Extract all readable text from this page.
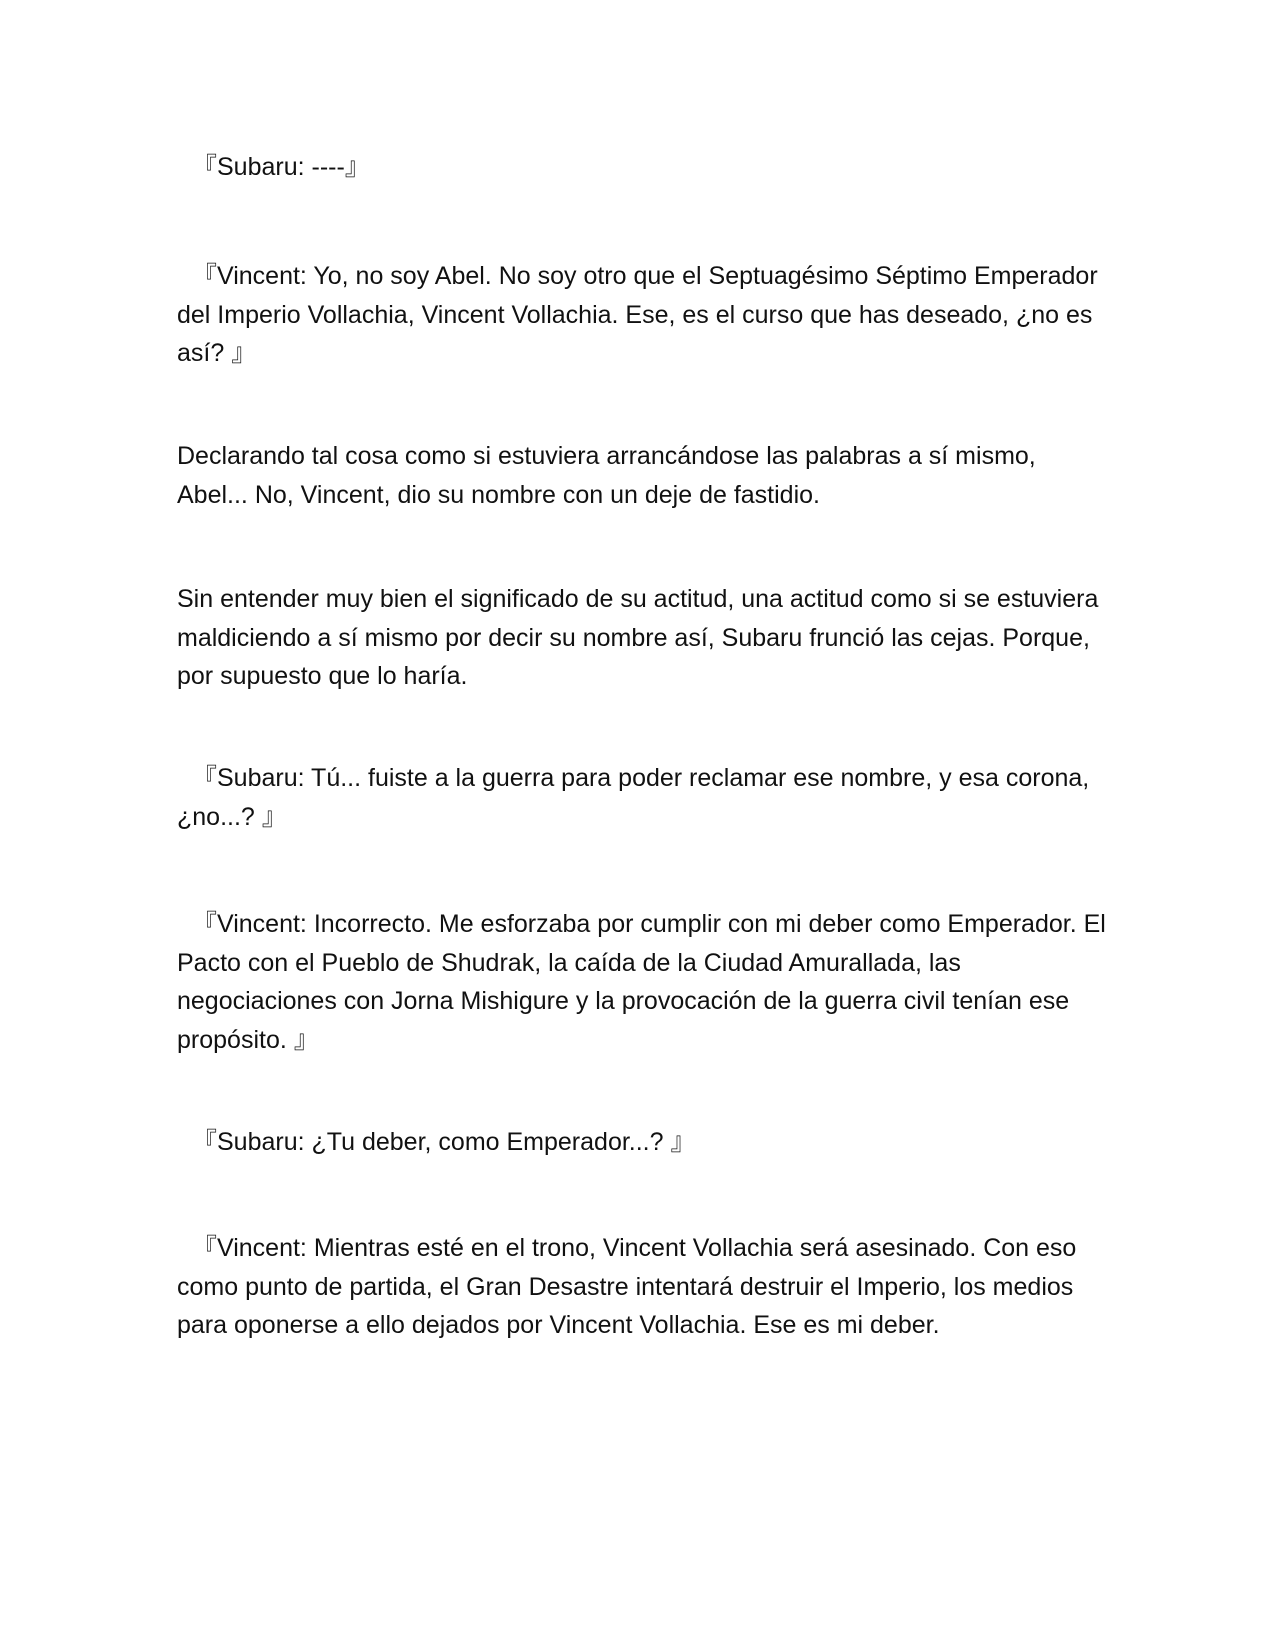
『Subaru: ----』

『Vincent: Yo, no soy Abel. No soy otro que el Septuagésimo Séptimo Emperador del Imperio Vollachia, Vincent Vollachia. Ese, es el curso que has deseado, ¿no es así? 』

Declarando tal cosa como si estuviera arrancándose las palabras a sí mismo, Abel... No, Vincent, dio su nombre con un deje de fastidio.

Sin entender muy bien el significado de su actitud, una actitud como si se estuviera maldiciendo a sí mismo por decir su nombre así, Subaru frunció las cejas. Porque, por supuesto que lo haría.

『Subaru: Tú... fuiste a la guerra para poder reclamar ese nombre, y esa corona, ¿no...? 』

『Vincent: Incorrecto. Me esforzaba por cumplir con mi deber como Emperador. El Pacto con el Pueblo de Shudrak, la caída de la Ciudad Amurallada, las negociaciones con Jorna Mishigure y la provocación de la guerra civil tenían ese propósito. 』

『Subaru: ¿Tu deber, como Emperador...? 』

『Vincent: Mientras esté en el trono, Vincent Vollachia será asesinado. Con eso como punto de partida, el Gran Desastre intentará destruir el Imperio, los medios para oponerse a ello dejados por Vincent Vollachia. Ese es mi deber.
